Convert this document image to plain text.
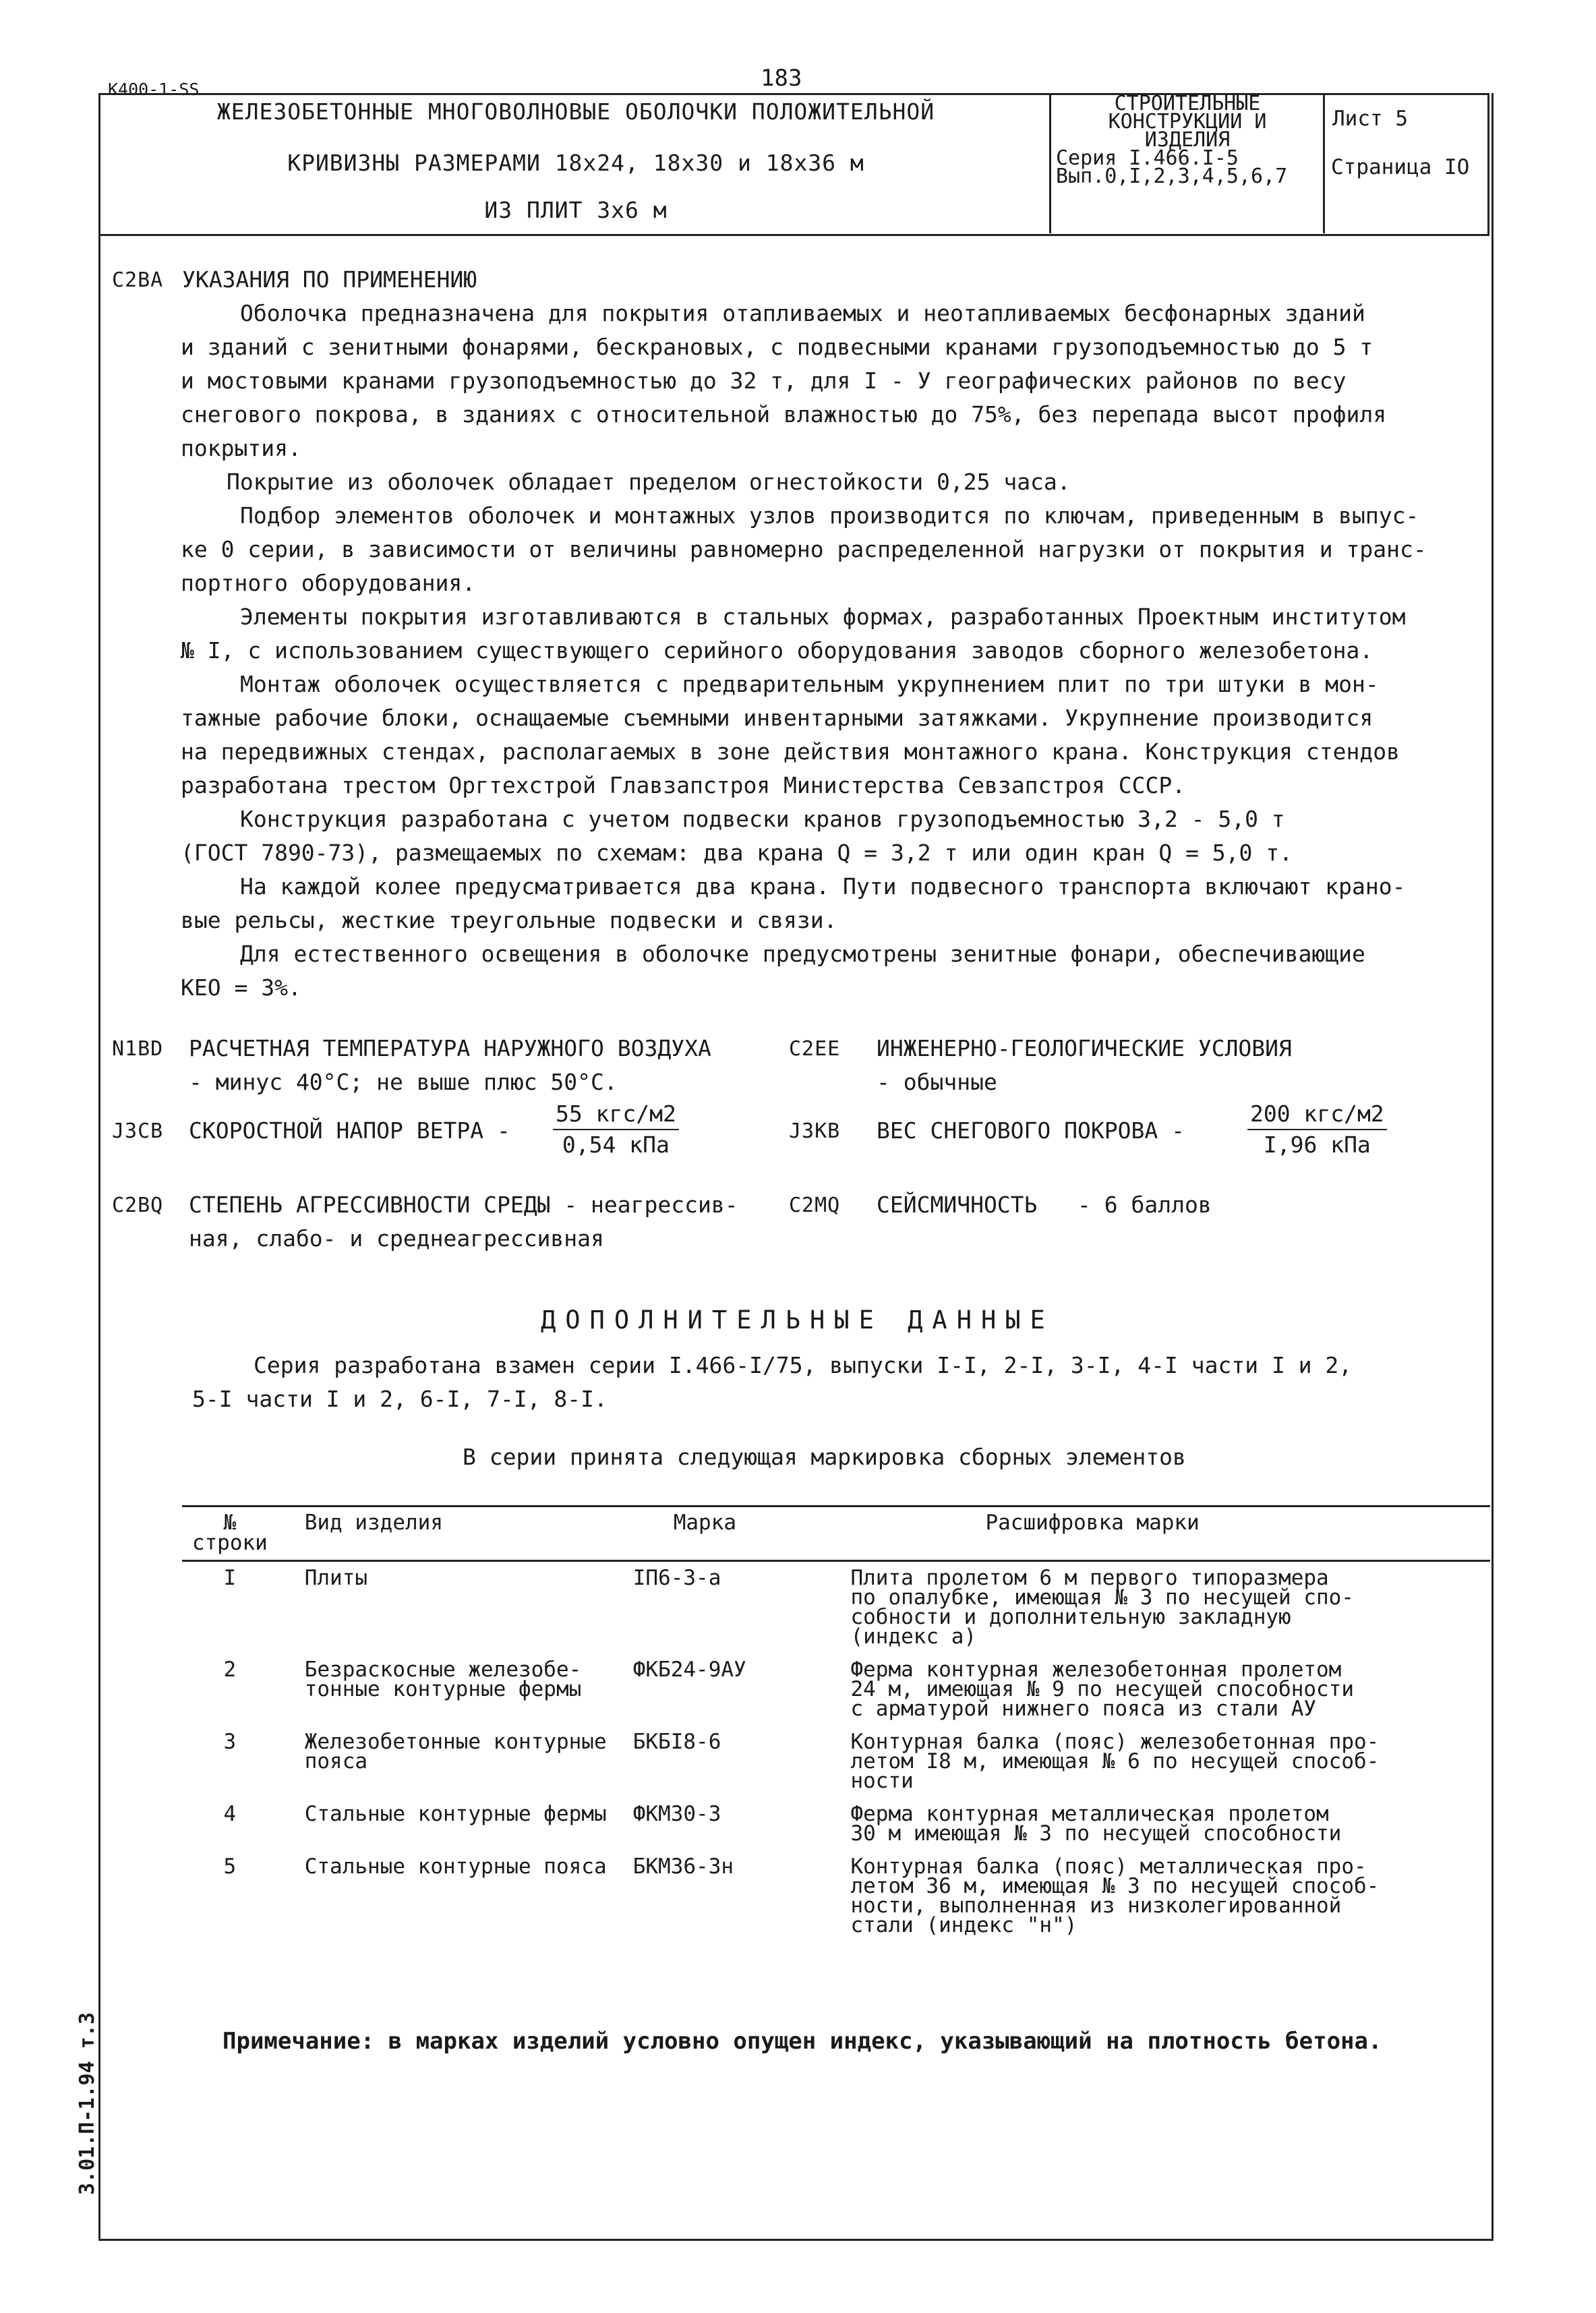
К400-1-SS	183
3.01.П-1.94 т.3
ЖЕЛЕЗОБЕТОННЫЕ МНОГОВОЛНОВЫЕ ОБОЛОЧКИ ПОЛОЖИТЕЛЬНОЙ
КРИВИЗНЫ РАЗМЕРАМИ 18х24, 18х30 и 18х36 м
ИЗ ПЛИТ 3х6 м
СТРОИТЕЛЬНЫЕ
КОНСТРУКЦИИ И
ИЗДЕЛИЯ
Серия I.466.I-5
Вып.0,I,2,3,4,5,6,7
Лист 5
Страница IO
C2BA УКАЗАНИЯ ПО ПРИМЕНЕНИЮ
Оболочка предназначена для покрытия отапливаемых и неотапливаемых бесфонарных зданий
и зданий с зенитными фонарями, бескрановых, с подвесными кранами грузоподъемностью до 5 т
и мостовыми кранами грузоподъемностью до 32 т, для I - У географических районов по весу
снегового покрова, в зданиях с относительной влажностью до 75%, без перепада высот профиля
покрытия.
Покрытие из оболочек обладает пределом огнестойкости 0,25 часа.
Подбор элементов оболочек и монтажных узлов производится по ключам, приведенным в выпус-
ке 0 серии, в зависимости от величины равномерно распределенной нагрузки от покрытия и транс-
портного оборудования.
Элементы покрытия изготавливаются в стальных формах, разработанных Проектным институтом
№ I, с использованием существующего серийного оборудования заводов сборного железобетона.
Монтаж оболочек осуществляется с предварительным укрупнением плит по три штуки в мон-
тажные рабочие блоки, оснащаемые съемными инвентарными затяжками. Укрупнение производится
на передвижных стендах, располагаемых в зоне действия монтажного крана. Конструкция стендов
разработана трестом Оргтехстрой Главзапстроя Министерства Севзапстроя СССР.
Конструкция разработана с учетом подвески кранов грузоподъемностью 3,2 - 5,0 т
(ГОСТ 7890-73), размещаемых по схемам: два крана Q = 3,2 т или один кран Q = 5,0 т.
На каждой колее предусматривается два крана. Пути подвесного транспорта включают крано-
вые рельсы, жесткие треугольные подвески и связи.
Для естественного освещения в оболочке предусмотрены зенитные фонари, обеспечивающие
КЕО = 3%.
N1BD РАСЧЕТНАЯ ТЕМПЕРАТУРА НАРУЖНОГО ВОЗДУХА
- минус 40°С; не выше плюс 50°С.
C2EE ИНЖЕНЕРНО-ГЕОЛОГИЧЕСКИЕ УСЛОВИЯ
- обычные
J3CB СКОРОСТНОЙ НАПОР ВЕТРА -
55 кгс/м2
0,54 кПа
J3KB ВЕС СНЕГОВОГО ПОКРОВА -
200 кгс/м2
I,96 кПа
C2BQ СТЕПЕНЬ АГРЕССИВНОСТИ СРЕДЫ - неагрессив-
ная, слабо- и среднеагрессивная
C2MQ СЕЙСМИЧНОСТЬ   - 6 баллов
ДОПОЛНИТЕЛЬНЫЕ ДАННЫЕ
Серия разработана взамен серии I.466-I/75, выпуски I-I, 2-I, 3-I, 4-I части I и 2,
5-I части I и 2, 6-I, 7-I, 8-I.
В серии принята следующая маркировка сборных элементов
№
строки	Вид изделия	Марка	Расшифровка марки
I	Плиты	IП6-3-а	Плита пролетом 6 м первого типоразмера
по опалубке, имеющая № 3 по несущей спо-
собности и дополнительную закладную
(индекс а)
2	Безраскосные железобе-
тонные контурные фермы	ФКБ24-9АУ	Ферма контурная железобетонная пролетом
24 м, имеющая № 9 по несущей способности
с арматурой нижнего пояса из стали АУ
3	Железобетонные контурные
пояса	БКБI8-6	Контурная балка (пояс) железобетонная про-
летом I8 м, имеющая № 6 по несущей способ-
ности
4	Стальные контурные фермы	ФКМ30-3	Ферма контурная металлическая пролетом
30 м имеющая № 3 по несущей способности
5	Стальные контурные пояса	БКМ36-3н	Контурная балка (пояс) металлическая про-
летом 36 м, имеющая № 3 по несущей способ-
ности, выполненная из низколегированной
стали (индекс "н")
Примечание: в марках изделий условно опущен индекс, указывающий на плотность бетона.
